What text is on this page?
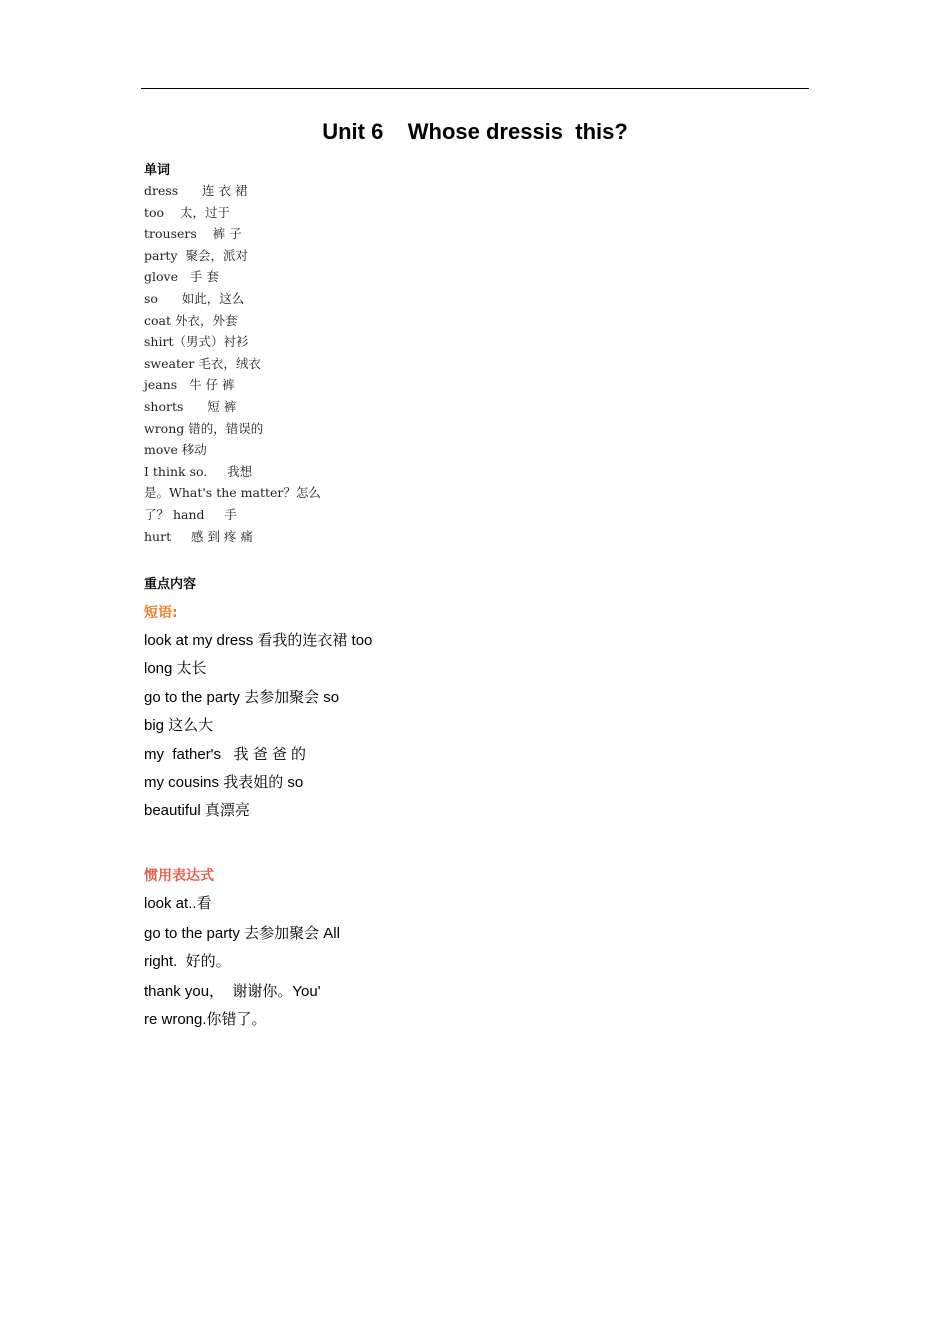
Unit 6    Whose dressis  this?
单词
dress      连 衣 裙
too    太，过于
trousers    裤 子
party  聚会，派对
glove   手 套
so      如此，这么
coat 外衣，外套
shirt（男式）衬衫
sweater 毛衣，绒衣
jeans   牛 仔 裤
shorts      短 裤
wrong 错的，错误的
move 移动
I think so.     我想
是。What's the matter？怎么
了？ hand     手
hurt     感 到 疼 痛
重点内容
短语:
look at my dress 看我的连衣裙 too
long 太长
go to the party 去参加聚会 so
big 这么大
my  father's   我 爸 爸 的
my cousins 我表姐的 so
beautiful 真漂亮
惯用表达式
look at..看
go to the party 去参加聚会 All
right.  好的。
thank you，  谢谢你。You'
re wrong.你错了。
